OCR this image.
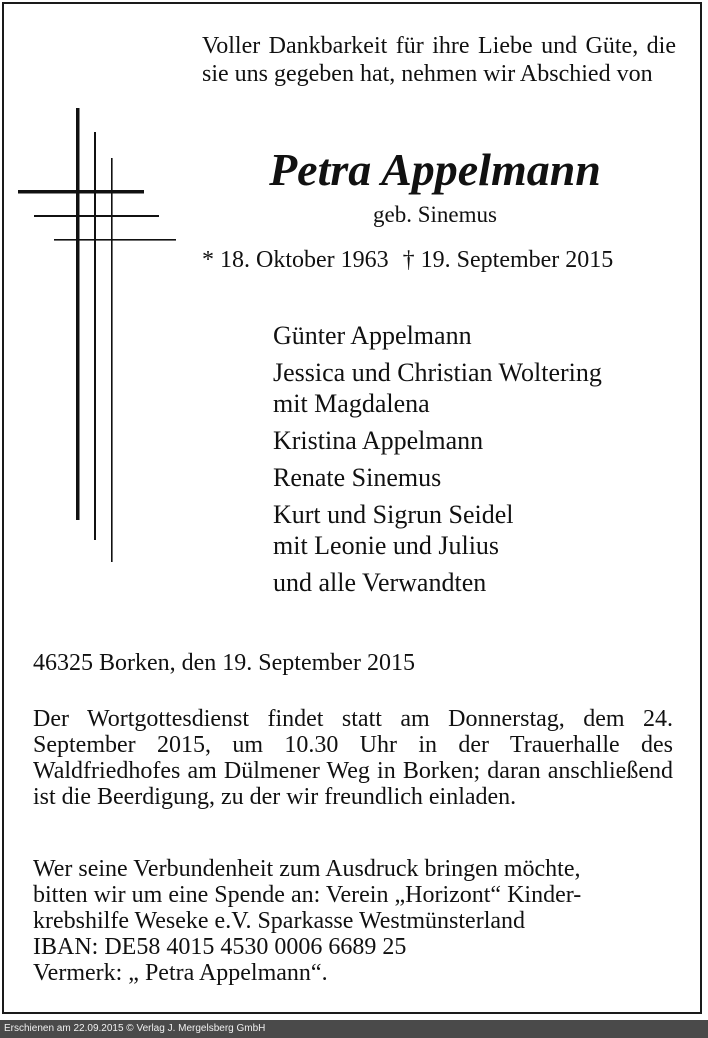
Voller Dankbarkeit für ihre Liebe und Güte, die sie uns gegeben hat, nehmen wir Abschied von
Petra Appelmann
geb. Sinemus
* 18. Oktober 1963 † 19. September 2015
Günter Appelmann
Jessica und Christian Woltering
mit Magdalena
Kristina Appelmann
Renate Sinemus
Kurt und Sigrun Seidel
mit Leonie und Julius
und alle Verwandten
46325 Borken, den 19. September 2015
Der Wortgottesdienst findet statt am Donnerstag, dem 24. September 2015, um 10.30 Uhr in der Trauerhalle des Waldfriedhofes am Dülmener Weg in Borken; daran anschließend ist die Beerdigung, zu der wir freundlich einladen.
Wer seine Verbundenheit zum Ausdruck bringen möchte,
bitten wir um eine Spende an: Verein „Horizont“ Kinder-
krebshilfe Weseke e.V. Sparkasse Westmünsterland
IBAN: DE58 4015 4530 0006 6689 25
Vermerk: „ Petra Appelmann“.
Erschienen am 22.09.2015 © Verlag J. Mergelsberg GmbH
